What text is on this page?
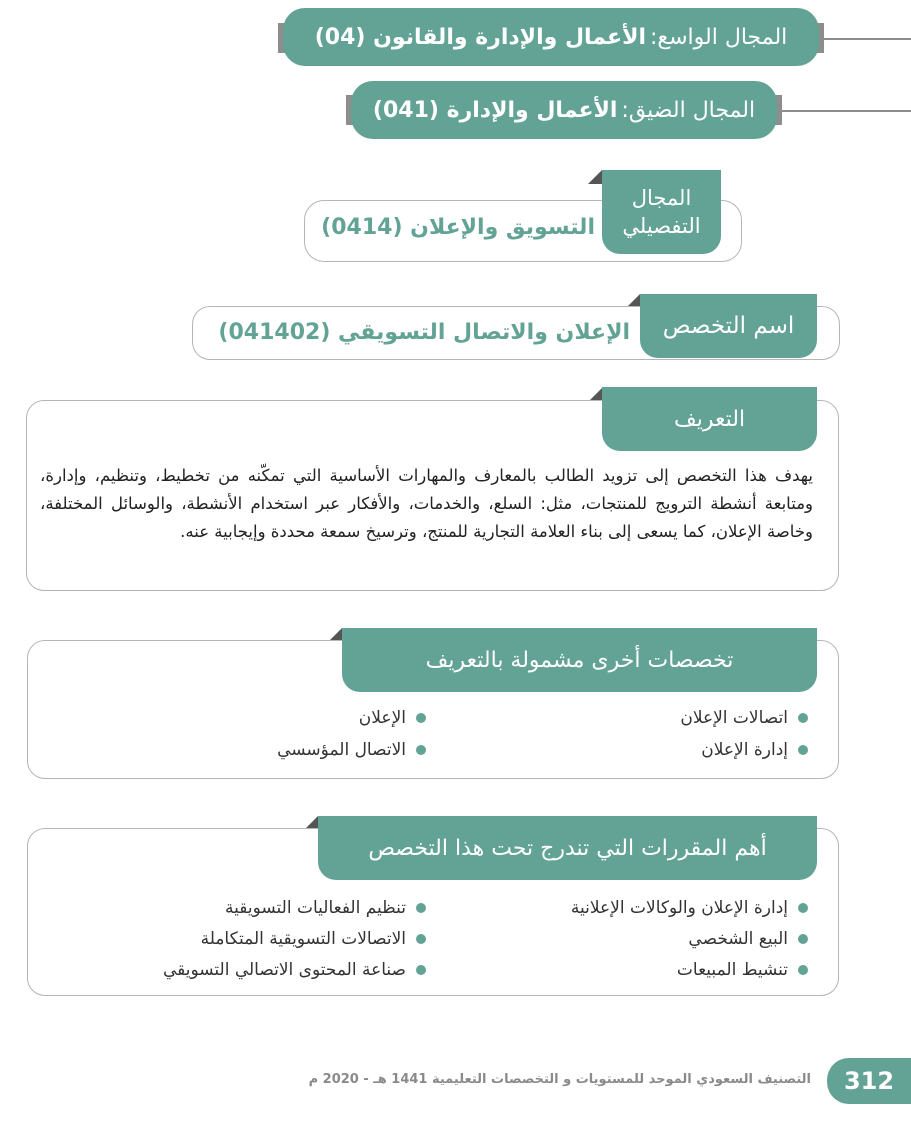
المجال الواسع:
الأعمال والإدارة والقانون (04)
المجال الضيق:
الأعمال والإدارة (041)
المجال
التفصيلي
التسويق والإعلان (0414)
اسم التخصص
الإعلان والاتصال التسويقي (041402)
التعريف
يهدف هذا التخصص إلى تزويد الطالب بالمعارف والمهارات الأساسية التي تمكّنه من تخطيط، وتنظيم، وإدارة، ومتابعة أنشطة الترويج للمنتجات، مثل: السلع، والخدمات، والأفكار عبر استخدام الأنشطة، والوسائل المختلفة، وخاصة الإعلان، كما يسعى إلى بناء العلامة التجارية للمنتج، وترسيخ سمعة محددة وإيجابية عنه.
تخصصات أخرى مشمولة بالتعريف
اتصالات الإعلان
إدارة الإعلان
الإعلان
الاتصال المؤسسي
أهم المقررات التي تندرج تحت هذا التخصص
إدارة الإعلان والوكالات الإعلانية
البيع الشخصي
تنشيط المبيعات
تنظيم الفعاليات التسويقية
الاتصالات التسويقية المتكاملة
صناعة المحتوى الاتصالي التسويقي
312
التصنيف السعودي الموحد للمستويات و التخصصات التعليمية 1441 هـ - 2020 م
